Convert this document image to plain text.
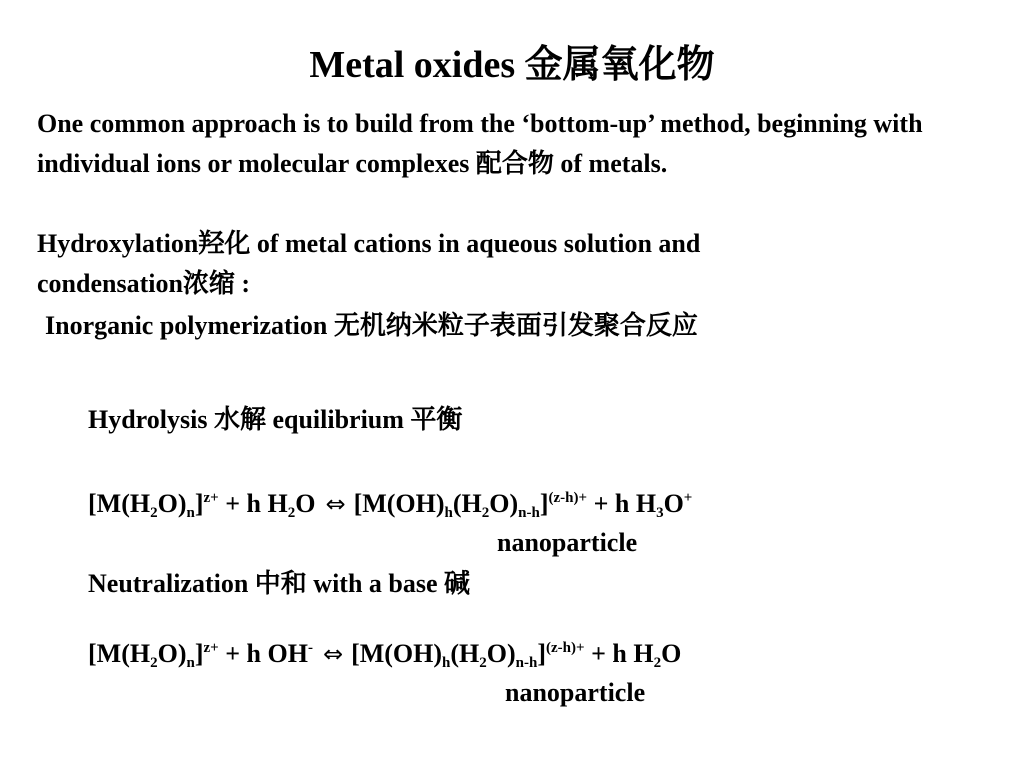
Metal oxides 金属氧化物
One common approach is to build from the ‘bottom-up’ method, beginning with individual ions or molecular complexes 配合物 of metals.
Hydroxylation羟化 of metal cations in aqueous solution and
condensation浓缩 :
Inorganic polymerization 无机纳米粒子表面引发聚合反应
Hydrolysis 水解 equilibrium 平衡
$[M(H_2O)_n]^{z+} + h$ $H_2O$ ⇔ $[M(OH)_h(H_2O)_{n-h}]^{(z-h)+} + h$ $H_3O^+$
nanoparticle
Neutralization 中和 with a base 碱
$[M(H_2O)_n]^{z+} + h$ OH- ⇔ $[M(OH)_h(H_2O)_{n-h}]^{(z-h)+} + h$ $H_2O$
nanoparticle
